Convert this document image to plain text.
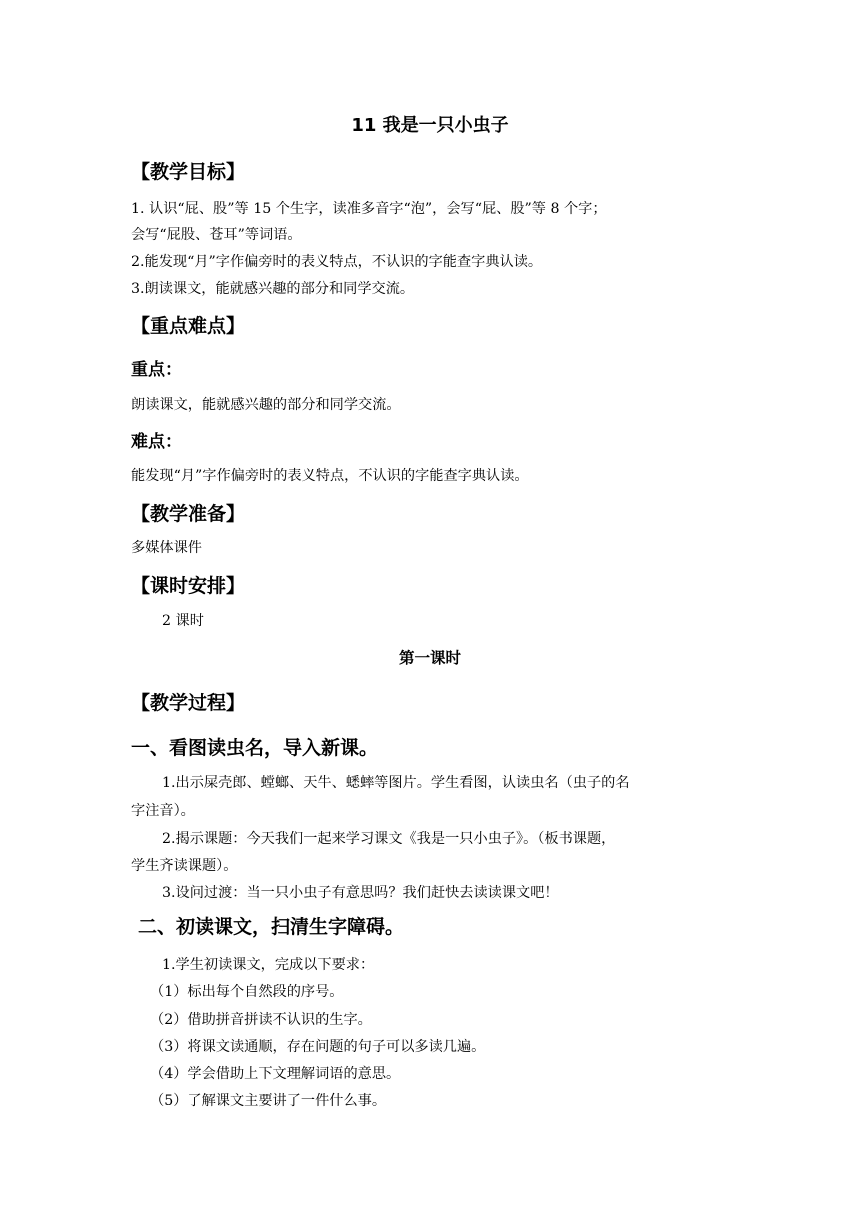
11 我是一只小虫子
【教学目标】
1. 认识“屁、股”等 15 个生字，读准多音字“泡”，会写“屁、股”等 8 个字；
会写“屁股、苍耳”等词语。
2.能发现“月”字作偏旁时的表义特点，不认识的字能查字典认读。
3.朗读课文，能就感兴趣的部分和同学交流。
【重点难点】
重点：
朗读课文，能就感兴趣的部分和同学交流。
难点：
能发现“月”字作偏旁时的表义特点，不认识的字能查字典认读。
【教学准备】
多媒体课件
【课时安排】
2 课时
第一课时
【教学过程】
一、看图读虫名，导入新课。
1.出示屎壳郎、螳螂、天牛、蟋蟀等图片。学生看图，认读虫名（虫子的名
字注音）。
2.揭示课题：今天我们一起来学习课文《我是一只小虫子》。（板书课题，
学生齐读课题）。
3.设问过渡：当一只小虫子有意思吗？我们赶快去读读课文吧！
二、初读课文，扫清生字障碍。
1.学生初读课文，完成以下要求：
（1）标出每个自然段的序号。
（2）借助拼音拼读不认识的生字。
（3）将课文读通顺，存在问题的句子可以多读几遍。
（4）学会借助上下文理解词语的意思。
（5）了解课文主要讲了一件什么事。
